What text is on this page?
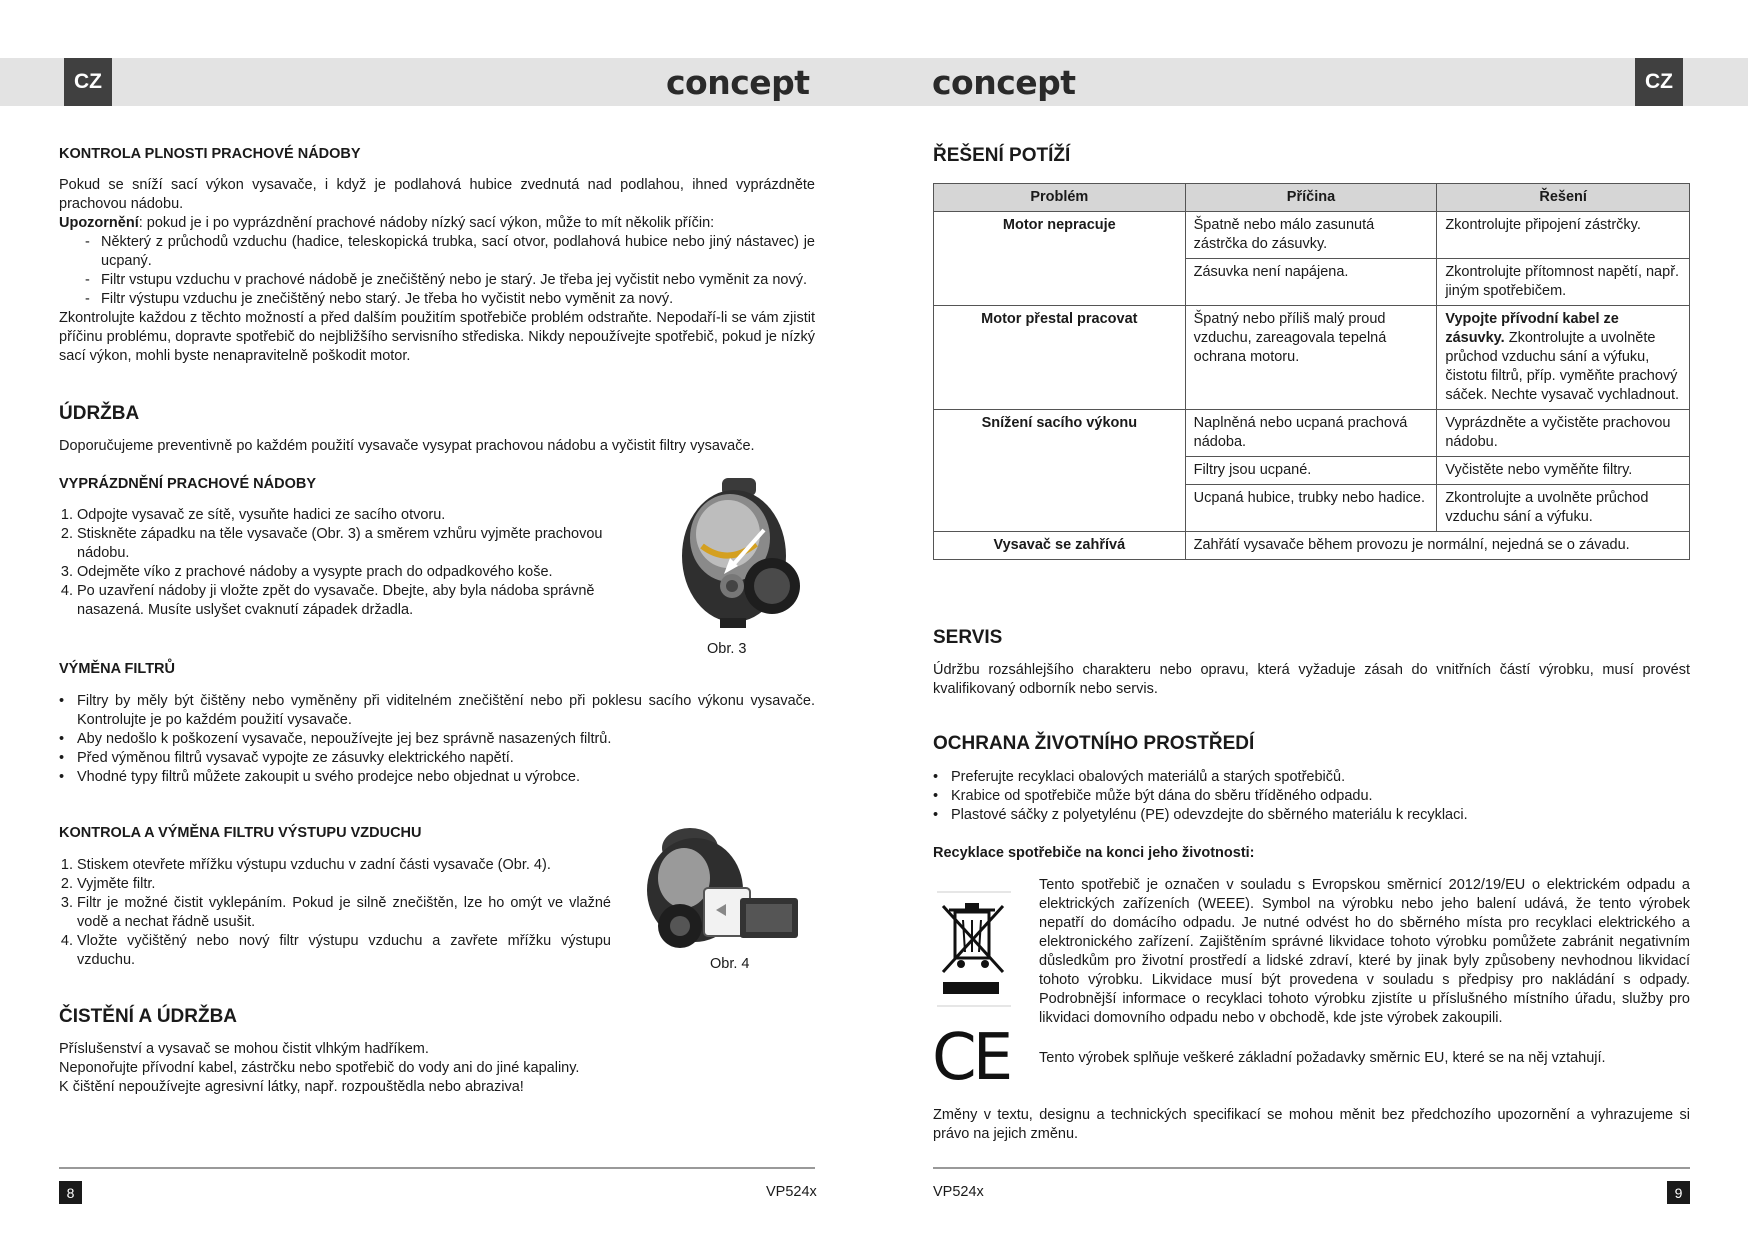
CZ	CZ
concept	concept
KONTROLA PLNOSTI PRACHOVÉ NÁDOBY

Pokud se sníží sací výkon vysavače, i když je podlahová hubice zvednutá nad podlahou, ihned vyprázdněte prachovou nádobu.

Upozornění: pokud je i po vyprázdnění prachové nádoby nízký sací výkon, může to mít několik příčin:

- Některý z průchodů vzduchu (hadice, teleskopická trubka, sací otvor, podlahová hubice nebo jiný nástavec) je ucpaný.
- Filtr vstupu vzduchu v prachové nádobě je znečištěný nebo je starý. Je třeba jej vyčistit nebo vyměnit za nový.
- Filtr výstupu vzduchu je znečištěný nebo starý. Je třeba ho vyčistit nebo vyměnit za nový.

Zkontrolujte každou z těchto možností a před dalším použitím spotřebiče problém odstraňte. Nepodaří-li se vám zjistit příčinu problému, dopravte spotřebič do nejbližšího servisního střediska. Nikdy nepoužívejte spotřebič, pokud je nízký sací výkon, mohli byste nenapravitelně poškodit motor.

ÚDRŽBA

Doporučujeme preventivně po každém použití vysavače vysypat prachovou nádobu a vyčistit filtry vysavače.

VYPRÁZDNĚNÍ PRACHOVÉ NÁDOBY
1. Odpojte vysavač ze sítě, vysuňte hadici ze sacího otvoru.
2. Stiskněte západku na těle vysavače (Obr. 3) a směrem vzhůru vyjměte prachovou nádobu.
3. Odejměte víko z prachové nádoby a vysypte prach do odpadkového koše.
4. Po uzavření nádoby ji vložte zpět do vysavače. Dbejte, aby byla nádoba správně nasazená. Musíte uslyšet cvaknutí západek držadla.
Obr. 3
VÝMĚNA FILTRŮ
• Filtry by měly být čištěny nebo vyměněny při viditelném znečištění nebo při poklesu sacího výkonu vysavače. Kontrolujte je po každém použití vysavače.
• Aby nedošlo k poškození vysavače, nepoužívejte jej bez správně nasazených filtrů.
• Před výměnou filtrů vysavač vypojte ze zásuvky elektrického napětí.
• Vhodné typy filtrů můžete zakoupit u svého prodejce nebo objednat u výrobce.
KONTROLA A VÝMĚNA FILTRU VÝSTUPU VZDUCHU
1. Stiskem otevřete mřížku výstupu vzduchu v zadní části vysavače (Obr. 4).
2. Vyjměte filtr.
3. Filtr je možné čistit vyklepáním. Pokud je silně znečištěn, lze ho omýt ve vlažné vodě a nechat řádně usušit.
4. Vložte vyčištěný nebo nový filtr výstupu vzduchu a zavřete mřížku výstupu vzduchu.	Obr. 4
ČISTĚNÍ A ÚDRŽBA

Příslušenství a vysavač se mohou čistit vlhkým hadříkem.

Neponořujte přívodní kabel, zástrčku nebo spotřebič do vody ani do jiné kapaliny.

K čištění nepoužívejte agresivní látky, např. rozpouštědla nebo abraziva!

8	VP524x
ŘEŠENÍ POTÍŽÍ
Problém	Příčina	Řešení
Motor nepracuje	Špatně nebo málo zasunutá zástrčka do zásuvky.	Zkontrolujte připojení zástrčky.
	Zásuvka není napájena.	Zkontrolujte přítomnost napětí, např. jiným spotřebičem.
Motor přestal pracovat	Špatný nebo příliš malý proud vzduchu, zareagovala tepelná ochrana motoru.	Vypojte přívodní kabel ze zásuvky. Zkontrolujte a uvolněte průchod vzduchu sání a výfuku, čistotu filtrů, příp. vyměňte prachový sáček. Nechte vysavač vychladnout.
Snížení sacího výkonu	Naplněná nebo ucpaná prachová nádoba.	Vyprázdněte a vyčistěte prachovou nádobu.
	Filtry jsou ucpané.	Vyčistěte nebo vyměňte filtry.
	Ucpaná hubice, trubky nebo hadice.	Zkontrolujte a uvolněte průchod vzduchu sání a výfuku.
Vysavač se zahřívá	Zahřátí vysavače během provozu je normální, nejedná se o závadu.	
SERVIS

Údržbu rozsáhlejšího charakteru nebo opravu, která vyžaduje zásah do vnitřních částí výrobku, musí provést kvalifikovaný odborník nebo servis.

OCHRANA ŽIVOTNÍHO PROSTŘEDÍ
• Preferujte recyklaci obalových materiálů a starých spotřebičů.
• Krabice od spotřebiče může být dána do sběru tříděného odpadu.
• Plastové sáčky z polyetylénu (PE) odevzdejte do sběrného materiálu k recyklaci.
Recyklace spotřebiče na konci jeho životnosti:

Tento spotřebič je označen v souladu s Evropskou směrnicí 2012/19/EU o elektrickém odpadu a elektrických zařízeních (WEEE). Symbol na výrobku nebo jeho balení udává, že tento výrobek nepatří do domácího odpadu. Je nutné odvést ho do sběrného místa pro recyklaci elektrického a elektronického zařízení. Zajištěním správné likvidace tohoto výrobku pomůžete zabránit negativním důsledkům pro životní prostředí a lidské zdraví, které by jinak byly způsobeny nevhodnou likvidací tohoto výrobku. Likvidace musí být provedena v souladu s předpisy pro nakládání s odpady. Podrobnější informace o recyklaci tohoto výrobku zjistíte u příslušného místního úřadu, služby pro likvidaci domovního odpadu nebo v obchodě, kde jste výrobek zakoupili.

CE Tento výrobek splňuje veškeré základní požadavky směrnic EU, které se na něj vztahují.

Změny v textu, designu a technických specifikací se mohou měnit bez předchozího upozornění a vyhrazujeme si právo na jejich změnu.

VP524x	9
